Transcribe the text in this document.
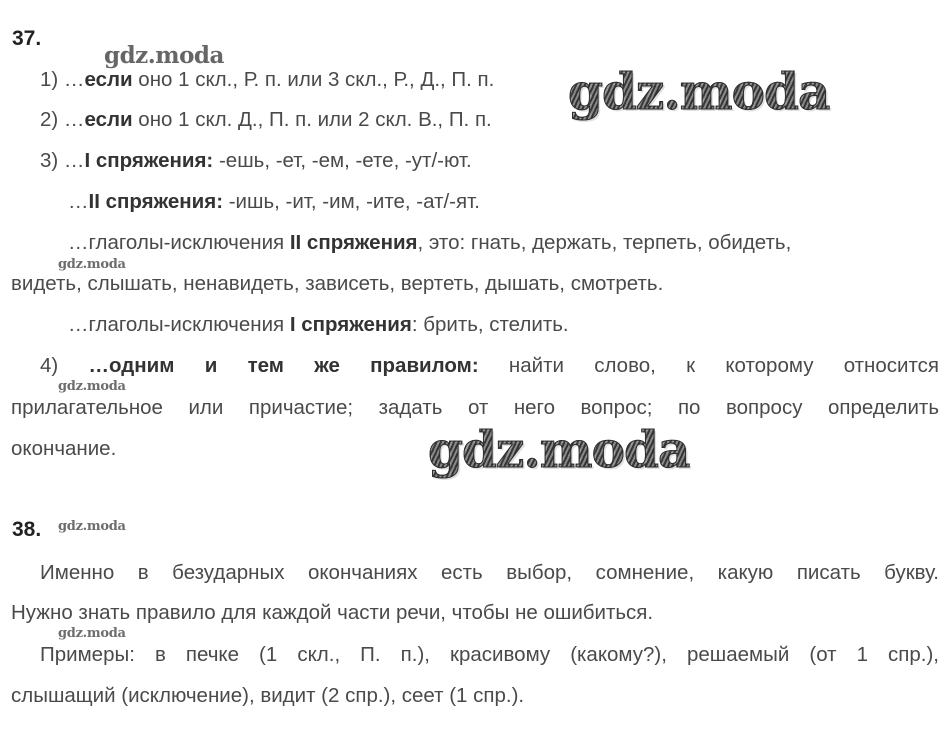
gdz.moda
gdz.moda
gdz.moda
gdz.moda
gdz.moda
gdz.moda
gdz.moda
37.
1) …если оно 1 скл., Р. п. или 3 скл., Р., Д., П. п.
2) …если оно 1 скл. Д., П. п. или 2 скл. В., П. п.
3) …I спряжения: -ешь, -ет, -ем, -ете, -ут/-ют.
…II спряжения: -ишь, -ит, -им, -ите, -ат/-ят.
…глаголы-исключения II спряжения, это: гнать, держать, терпеть, обидеть,
видеть, слышать, ненавидеть, зависеть, вертеть, дышать, смотреть.
…глаголы-исключения I спряжения: брить, стелить.
4) …одним и тем же правилом: найти слово, к которому относится
прилагательное или причастие; задать от него вопрос; по вопросу определить
окончание.
38.
Именно в безударных окончаниях есть выбор, сомнение, какую писать букву.
Нужно знать правило для каждой части речи, чтобы не ошибиться.
Примеры: в печке (1 скл., П. п.), красивому (какому?), решаемый (от 1 спр.),
слышащий (исключение), видит (2 спр.), сеет (1 спр.).
